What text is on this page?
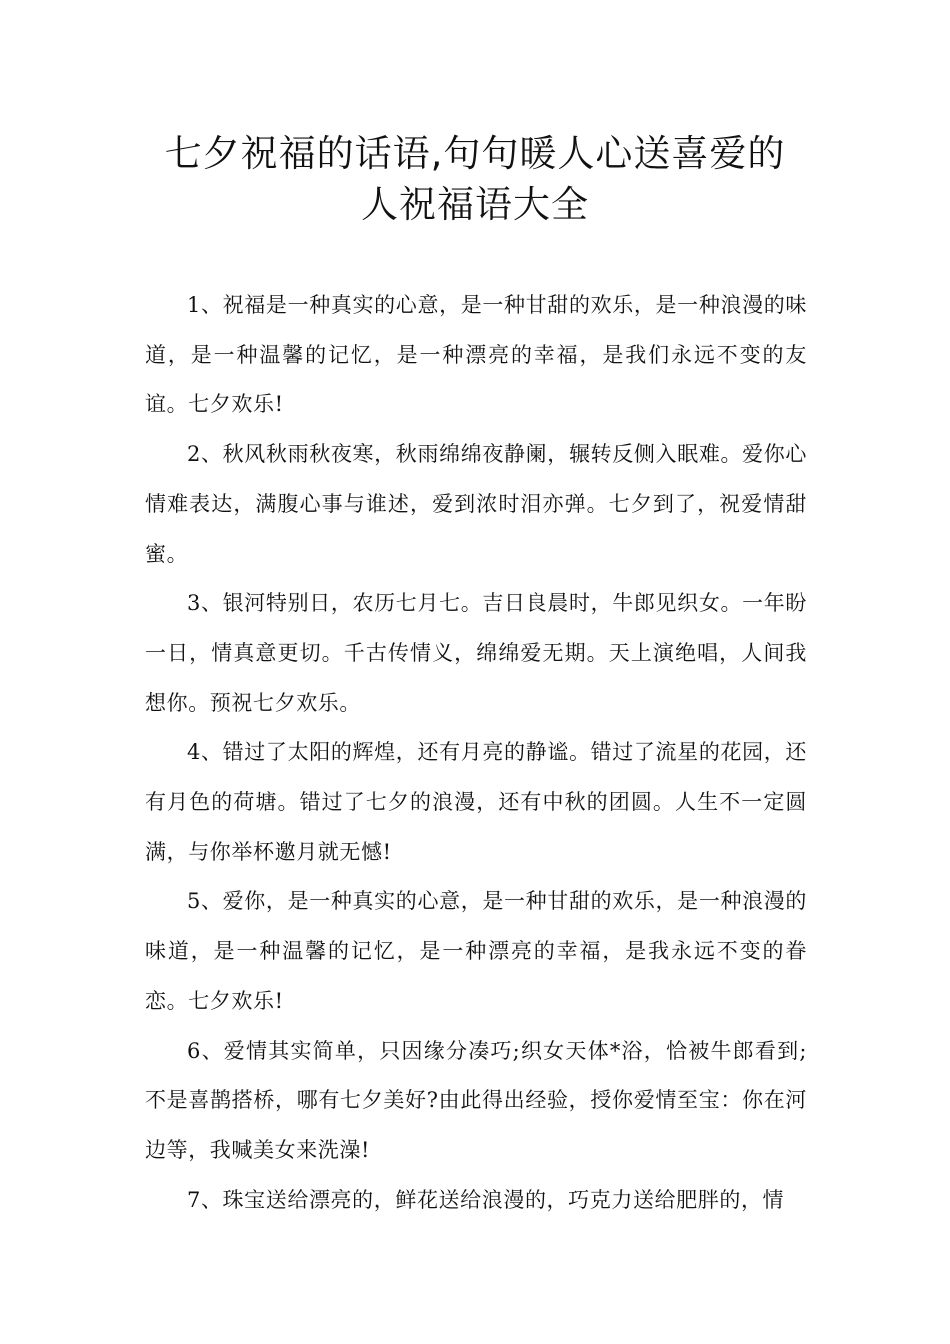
七夕祝福的话语,句句暖人心送喜爱的
人祝福语大全

1、祝福是一种真实的心意，是一种甘甜的欢乐，是一种浪漫的味道，是一种温馨的记忆，是一种漂亮的幸福，是我们永远不变的友谊。七夕欢乐!

2、秋风秋雨秋夜寒，秋雨绵绵夜静阑，辗转反侧入眠难。爱你心情难表达，满腹心事与谁述，爱到浓时泪亦弹。七夕到了，祝爱情甜蜜。

3、银河特别日，农历七月七。吉日良晨时，牛郎见织女。一年盼一日，情真意更切。千古传情义，绵绵爱无期。天上演绝唱，人间我想你。预祝七夕欢乐。

4、错过了太阳的辉煌，还有月亮的静谧。错过了流星的花园，还有月色的荷塘。错过了七夕的浪漫，还有中秋的团圆。人生不一定圆满，与你举杯邀月就无憾!

5、爱你，是一种真实的心意，是一种甘甜的欢乐，是一种浪漫的味道，是一种温馨的记忆，是一种漂亮的幸福，是我永远不变的眷恋。七夕欢乐!

6、爱情其实简单，只因缘分凑巧;织女天体*浴，恰被牛郎看到;不是喜鹊搭桥，哪有七夕美好?由此得出经验，授你爱情至宝：你在河边等，我喊美女来洗澡!

7、珠宝送给漂亮的，鲜花送给浪漫的，巧克力送给肥胖的，情
